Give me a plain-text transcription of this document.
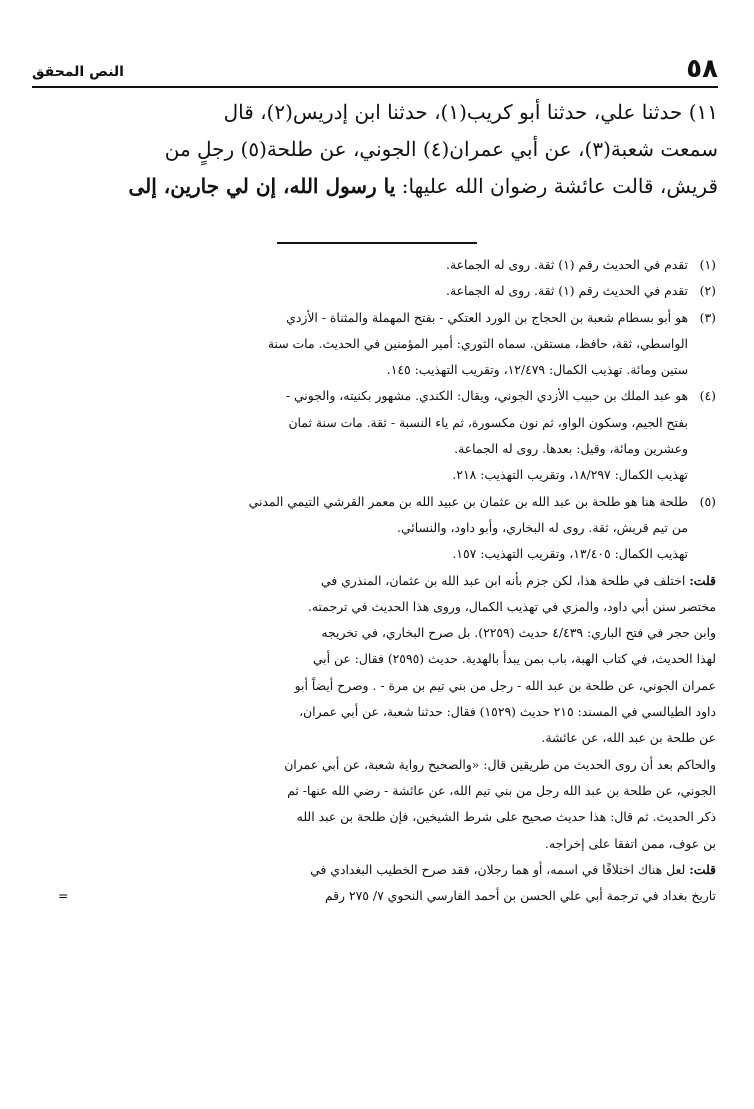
٥٨
النص المحقق

١١) حدثنا علي، حدثنا أبو كريب(١)، حدثنا ابن إدريس(٢)، قال

سمعت شعبة(٣)، عن أبي عمران(٤) الجوني، عن طلحة(٥) رجلٍ من

قريش، قالت عائشة رضوان الله عليها: يا رسول الله، إن لي جارين، إلى

(١)
تقدم في الحديث رقم (١) ثقة. روى له الجماعة.
(٢)
تقدم في الحديث رقم (١) ثقة. روى له الجماعة.
(٣)
هو أبو بسطام شعبة بن الحجاج بن الورد العتكي - بفتح المهملة والمثناة - الأزدي
الواسطي، ثقة، حافظ، مستقن. سماه الثوري: أمير المؤمنين في الحديث. مات سنة
ستين ومائة. تهذيب الكمال: ١٢/٤٧٩، وتقريب التهذيب: ١٤٥.
(٤)
هو عبد الملك بن حبيب الأزدي الجوني، ويقال: الكندي. مشهور بكنيته، والجوني -
بفتح الجيم، وسكون الواو، ثم نون مكسورة، ثم ياء النسبة - ثقة. مات سنة ثمان
وعشرين ومائة، وقيل: بعدها. روى له الجماعة.
تهذيب الكمال: ١٨/٢٩٧، وتقريب التهذيب: ٢١٨.
(٥)
طلحة هنا هو طلحة بن عبد الله بن عثمان بن عبيد الله بن معمر القرشي التيمي المدني
من تيم قريش، ثقة. روى له البخاري، وأبو داود، والنسائي.
تهذيب الكمال: ١٣/٤٠٥، وتقريب التهذيب: ١٥٧.
قلت: اختلف في طلحة هذا، لكن جزم بأنه ابن عبد الله بن عثمان، المنذري في
مختصر سنن أبي داود، والمزي في تهذيب الكمال، وروى هذا الحديث في ترجمته.
وابن حجر في فتح الباري: ٤/٤٣٩ حديث (٢٢٥٩). بل صرح البخاري، في تخريجه
لهذا الحديث، في كتاب الهبة، باب بمن يبدأ بالهدية. حديث (٢٥٩٥) فقال: عن أبي
عمران الجوني، عن طلحة بن عبد الله - رجل من بني تيم بن مرة - . وصرح أيضاً أبو
داود الطيالسي في المسند: ٢١٥ حديث (١٥٢٩) فقال: حدثنا شعبة، عن أبي عمران،
عن طلحة بن عبد الله، عن عائشة.
والحاكم بعد أن روى الحديث من طريقين قال: «والصحيح رواية شعبة، عن أبي عمران
الجوني، عن طلحة بن عبد الله رجل من بني تيم الله، عن عائشة - رضي الله عنها- ثم
ذكر الحديث. ثم قال: هذا حديث صحيح على شرط الشيخين، فإن طلحة بن عبد الله
بن عوف، ممن اتفقا على إخراجه.
قلت: لعل هناك اختلافًا في اسمه، أو هما رجلان، فقد صرح الخطيب البغدادي في
تاريخ بغداد في ترجمة أبي علي الحسن بن أحمد الفارسي النحوي ٧/ ٢٧٥ رقم
=
